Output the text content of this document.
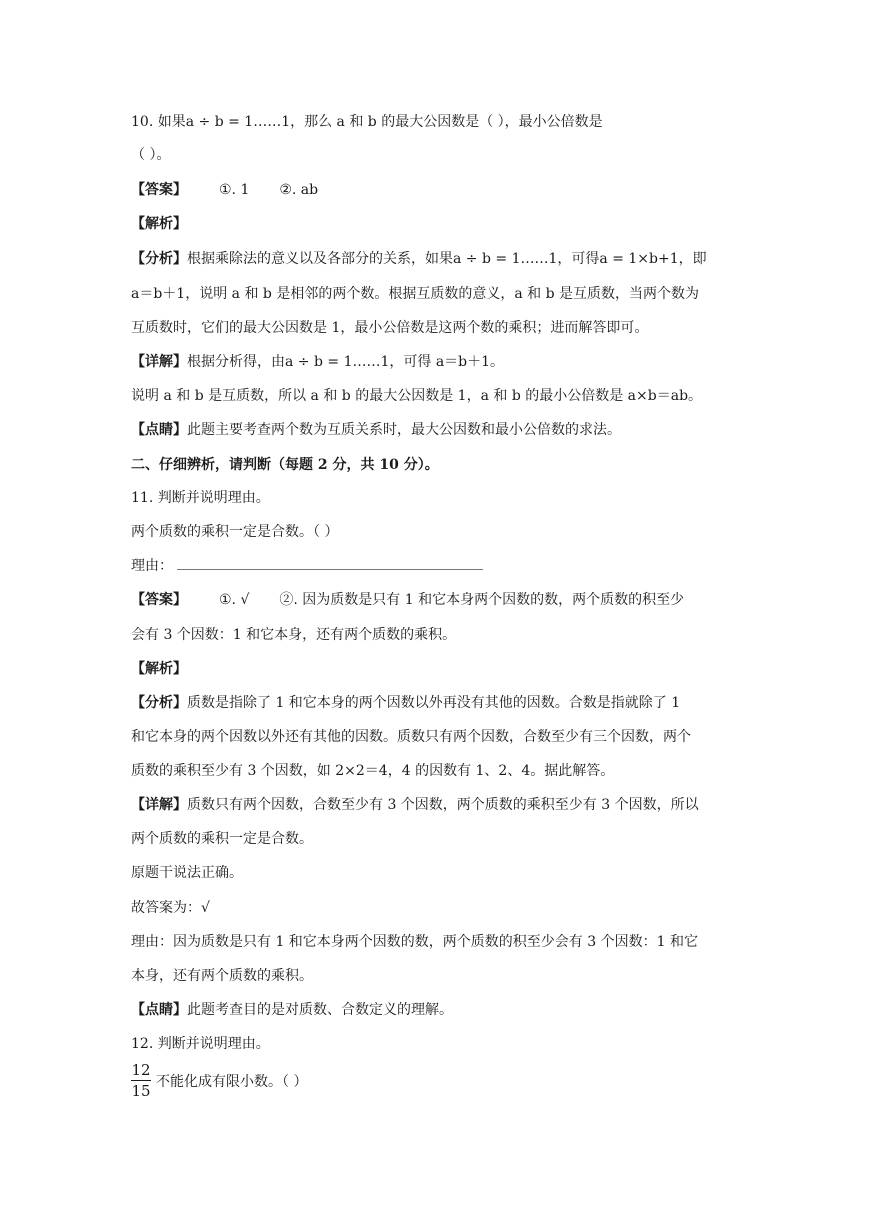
10. 如果a ÷ b = 1……1，那么 a 和 b 的最大公因数是（ ），最小公倍数是
（ ）。
【答案】 ①. 1 ②. ab
【解析】
【分析】根据乘除法的意义以及各部分的关系，如果a ÷ b = 1……1，可得a = 1×b+1，即
a＝b＋1，说明 a 和 b 是相邻的两个数。根据互质数的意义，a 和 b 是互质数，当两个数为
互质数时，它们的最大公因数是 1，最小公倍数是这两个数的乘积；进而解答即可。
【详解】根据分析得，由a ÷ b = 1……1，可得 a＝b＋1。
说明 a 和 b 是互质数，所以 a 和 b 的最大公因数是 1，a 和 b 的最小公倍数是 a×b＝ab。
【点睛】此题主要考查两个数为互质关系时，最大公因数和最小公倍数的求法。
二、仔细辨析，请判断（每题 2 分，共 10 分）。
11. 判断并说明理由。
两个质数的乘积一定是合数。（ ）
理由：
【答案】 ①. √ ②. 因为质数是只有 1 和它本身两个因数的数，两个质数的积至少
会有 3 个因数：1 和它本身，还有两个质数的乘积。
【解析】
【分析】质数是指除了 1 和它本身的两个因数以外再没有其他的因数。合数是指就除了 1
和它本身的两个因数以外还有其他的因数。质数只有两个因数，合数至少有三个因数，两个
质数的乘积至少有 3 个因数，如 2×2＝4，4 的因数有 1、2、4。据此解答。
【详解】质数只有两个因数，合数至少有 3 个因数，两个质数的乘积至少有 3 个因数，所以
两个质数的乘积一定是合数。
原题干说法正确。
故答案为：√
理由：因为质数是只有 1 和它本身两个因数的数，两个质数的积至少会有 3 个因数：1 和它
本身，还有两个质数的乘积。
【点睛】此题考查目的是对质数、合数定义的理解。
12. 判断并说明理由。
12
15 不能化成有限小数。（ ）
